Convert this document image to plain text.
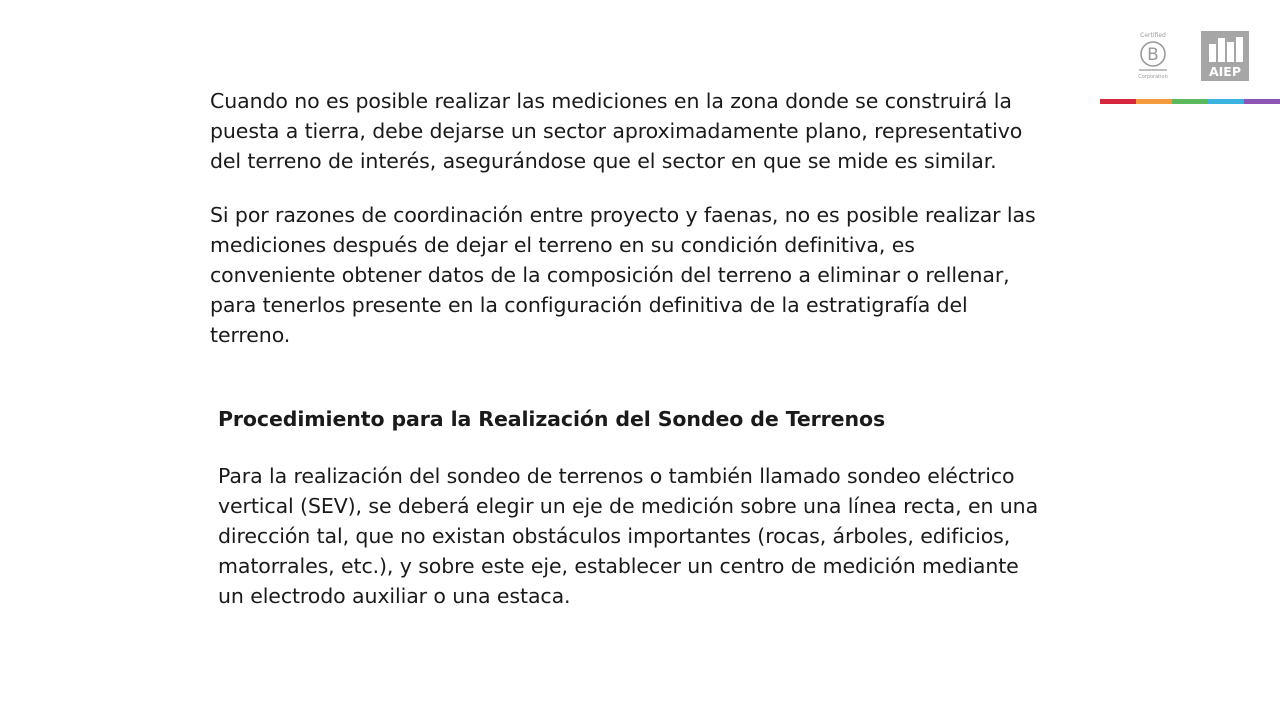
Certified
B
Corporation	AIEP

Cuando no es posible realizar las mediciones en la zona donde se construirá la
puesta a tierra, debe dejarse un sector aproximadamente plano, representativo
del terreno de interés, asegurándose que el sector en que se mide es similar.

Si por razones de coordinación entre proyecto y faenas, no es posible realizar las
mediciones después de dejar el terreno en su condición definitiva, es
conveniente obtener datos de la composición del terreno a eliminar o rellenar,
para tenerlos presente en la configuración definitiva de la estratigrafía del
terreno.

Procedimiento para la Realización del Sondeo de Terrenos

Para la realización del sondeo de terrenos o también llamado sondeo eléctrico
vertical (SEV), se deberá elegir un eje de medición sobre una línea recta, en una
dirección tal, que no existan obstáculos importantes (rocas, árboles, edificios,
matorrales, etc.), y sobre este eje, establecer un centro de medición mediante
un electrodo auxiliar o una estaca.
